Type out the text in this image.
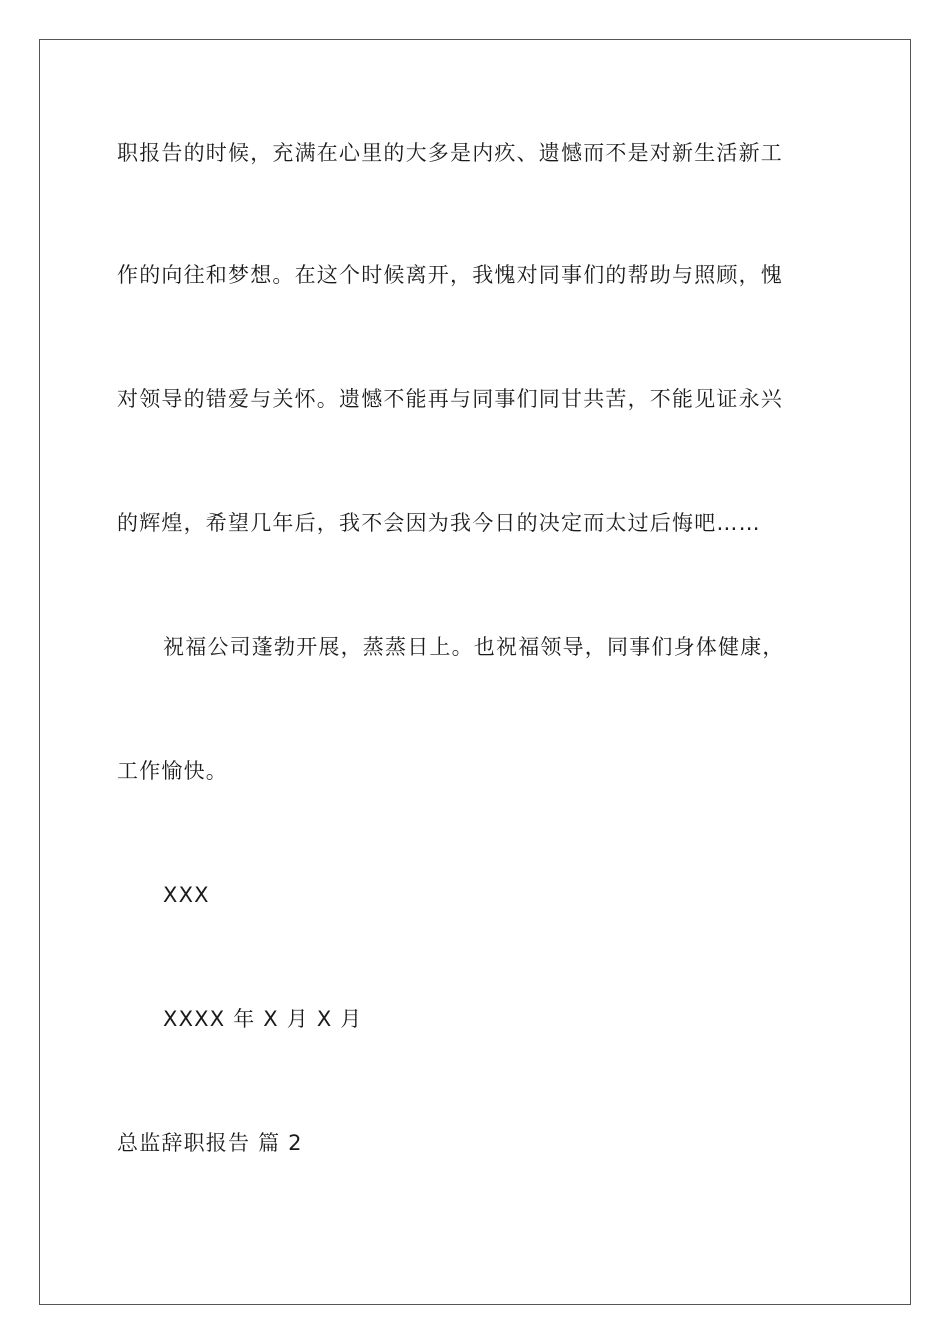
职报告的时候，充满在心里的大多是内疚、遗憾而不是对新生活新工
作的向往和梦想。在这个时候离开，我愧对同事们的帮助与照顾，愧
对领导的错爱与关怀。遗憾不能再与同事们同甘共苦，不能见证永兴
的辉煌，希望几年后，我不会因为我今日的决定而太过后悔吧……
祝福公司蓬勃开展，蒸蒸日上。也祝福领导，同事们身体健康，
工作愉快。
XXX
XXXX 年 X 月 X 月
总监辞职报告 篇 2
